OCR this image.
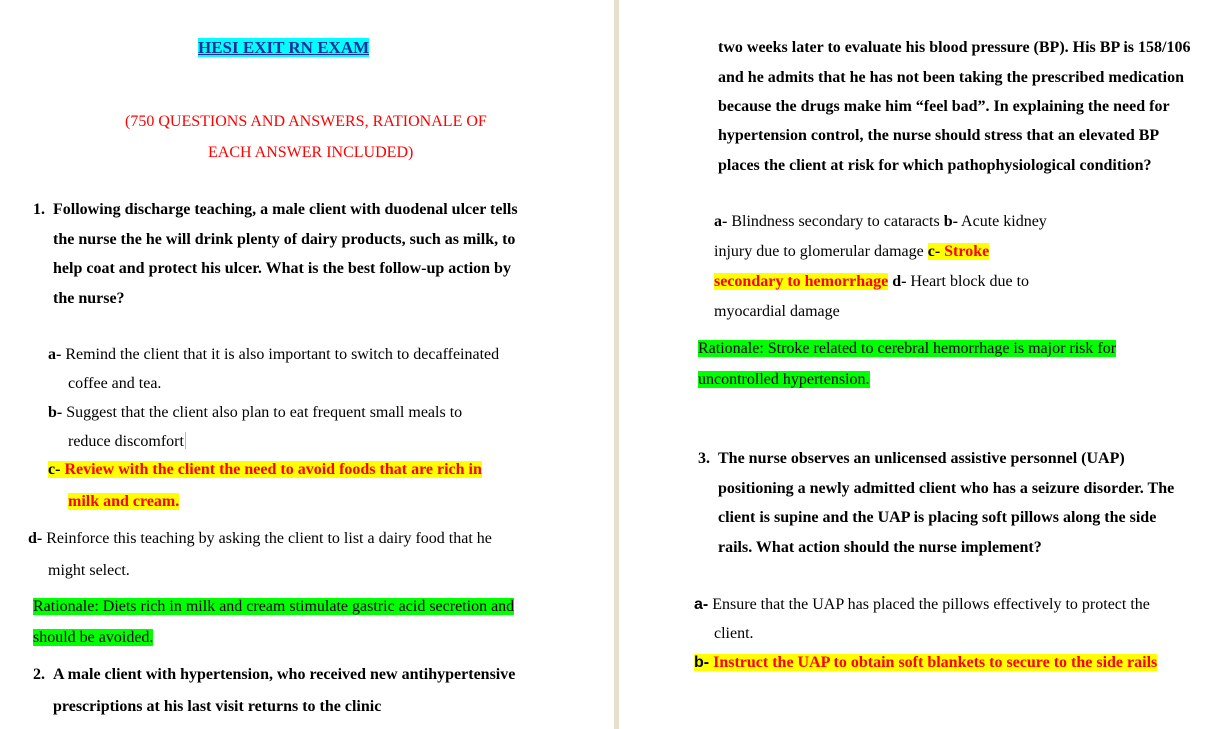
HESI EXIT RN EXAM
(750 QUESTIONS AND ANSWERS, RATIONALE OF
EACH ANSWER INCLUDED)
1. Following discharge teaching, a male client with duodenal ulcer tells
the nurse the he will drink plenty of dairy products, such as milk, to
help coat and protect his ulcer. What is the best follow-up action by
the nurse?
a- Remind the client that it is also important to switch to decaffeinated
coffee and tea.
b- Suggest that the client also plan to eat frequent small meals to
reduce discomfort
c- Review with the client the need to avoid foods that are rich in
milk and cream.
d- Reinforce this teaching by asking the client to list a dairy food that he
might select.
Rationale: Diets rich in milk and cream stimulate gastric acid secretion and
should be avoided.
2. A male client with hypertension, who received new antihypertensive
prescriptions at his last visit returns to the clinic
two weeks later to evaluate his blood pressure (BP). His BP is 158/106
and he admits that he has not been taking the prescribed medication
because the drugs make him “feel bad”. In explaining the need for
hypertension control, the nurse should stress that an elevated BP
places the client at risk for which pathophysiological condition?
a- Blindness secondary to cataracts b- Acute kidney
injury due to glomerular damage c- Stroke
secondary to hemorrhage d- Heart block due to
myocardial damage
Rationale: Stroke related to cerebral hemorrhage is major risk for
uncontrolled hypertension.
3. The nurse observes an unlicensed assistive personnel (UAP)
positioning a newly admitted client who has a seizure disorder. The
client is supine and the UAP is placing soft pillows along the side
rails. What action should the nurse implement?
a- Ensure that the UAP has placed the pillows effectively to protect the
client.
b- Instruct the UAP to obtain soft blankets to secure to the side rails
